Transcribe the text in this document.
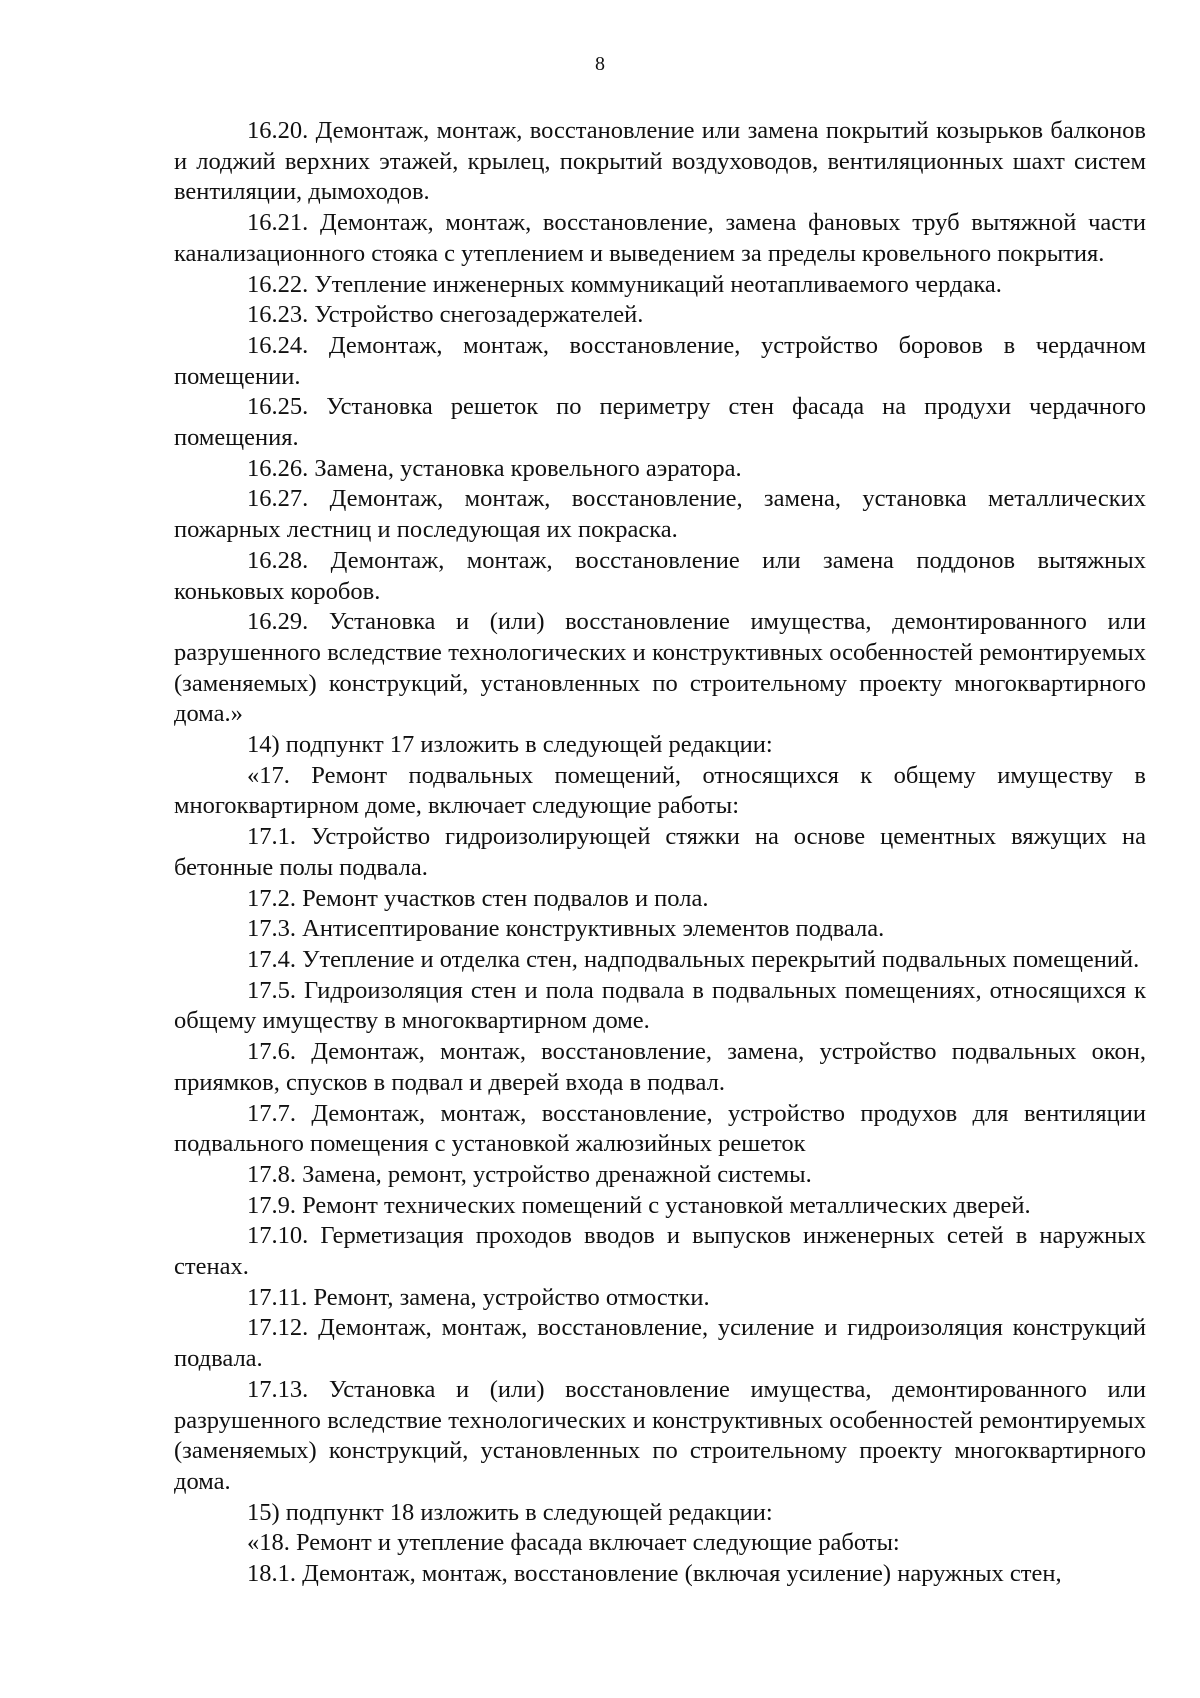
8

16.20. Демонтаж, монтаж, восстановление или замена покрытий козырьков балконов и лоджий верхних этажей, крылец, покрытий воздуховодов, вентиляционных шахт систем вентиляции, дымоходов.

16.21. Демонтаж, монтаж, восстановление, замена фановых труб вытяжной части канализационного стояка с утеплением и выведением за пределы кровельного покрытия.

16.22. Утепление инженерных коммуникаций неотапливаемого чердака.

16.23. Устройство снегозадержателей.

16.24. Демонтаж, монтаж, восстановление, устройство боровов в чердачном помещении.

16.25. Установка решеток по периметру стен фасада на продухи чердачного помещения.

16.26. Замена, установка кровельного аэратора.

16.27. Демонтаж, монтаж, восстановление, замена, установка металлических пожарных лестниц и последующая их покраска.

16.28. Демонтаж, монтаж, восстановление или замена поддонов вытяжных коньковых коробов.

16.29. Установка и (или) восстановление имущества, демонтированного или разрушенного вследствие технологических и конструктивных особенностей ремонтируемых (заменяемых) конструкций, установленных по строительному проекту многоквартирного дома.»

14) подпункт 17 изложить в следующей редакции:

«17. Ремонт подвальных помещений, относящихся к общему имуществу в многоквартирном доме, включает следующие работы:

17.1. Устройство гидроизолирующей стяжки на основе цементных вяжущих на бетонные полы подвала.

17.2. Ремонт участков стен подвалов и пола.

17.3. Антисептирование конструктивных элементов подвала.

17.4. Утепление и отделка стен, надподвальных перекрытий подвальных помещений.

17.5. Гидроизоляция стен и пола подвала в подвальных помещениях, относящихся к общему имуществу в многоквартирном доме.

17.6. Демонтаж, монтаж, восстановление, замена, устройство подвальных окон, приямков, спусков в подвал и дверей входа в подвал.

17.7. Демонтаж, монтаж, восстановление, устройство продухов для вентиляции подвального помещения с установкой жалюзийных решеток

17.8. Замена, ремонт, устройство дренажной системы.

17.9. Ремонт технических помещений с установкой металлических дверей.

17.10. Герметизация проходов вводов и выпусков инженерных сетей в наружных стенах.

17.11. Ремонт, замена, устройство отмостки.

17.12. Демонтаж, монтаж, восстановление, усиление и гидроизоляция конструкций подвала.

17.13. Установка и (или) восстановление имущества, демонтированного или разрушенного вследствие технологических и конструктивных особенностей ремонтируемых (заменяемых) конструкций, установленных по строительному проекту многоквартирного дома.

15) подпункт 18 изложить в следующей редакции:

«18. Ремонт и утепление фасада включает следующие работы:

18.1. Демонтаж, монтаж, восстановление (включая усиление) наружных стен,
